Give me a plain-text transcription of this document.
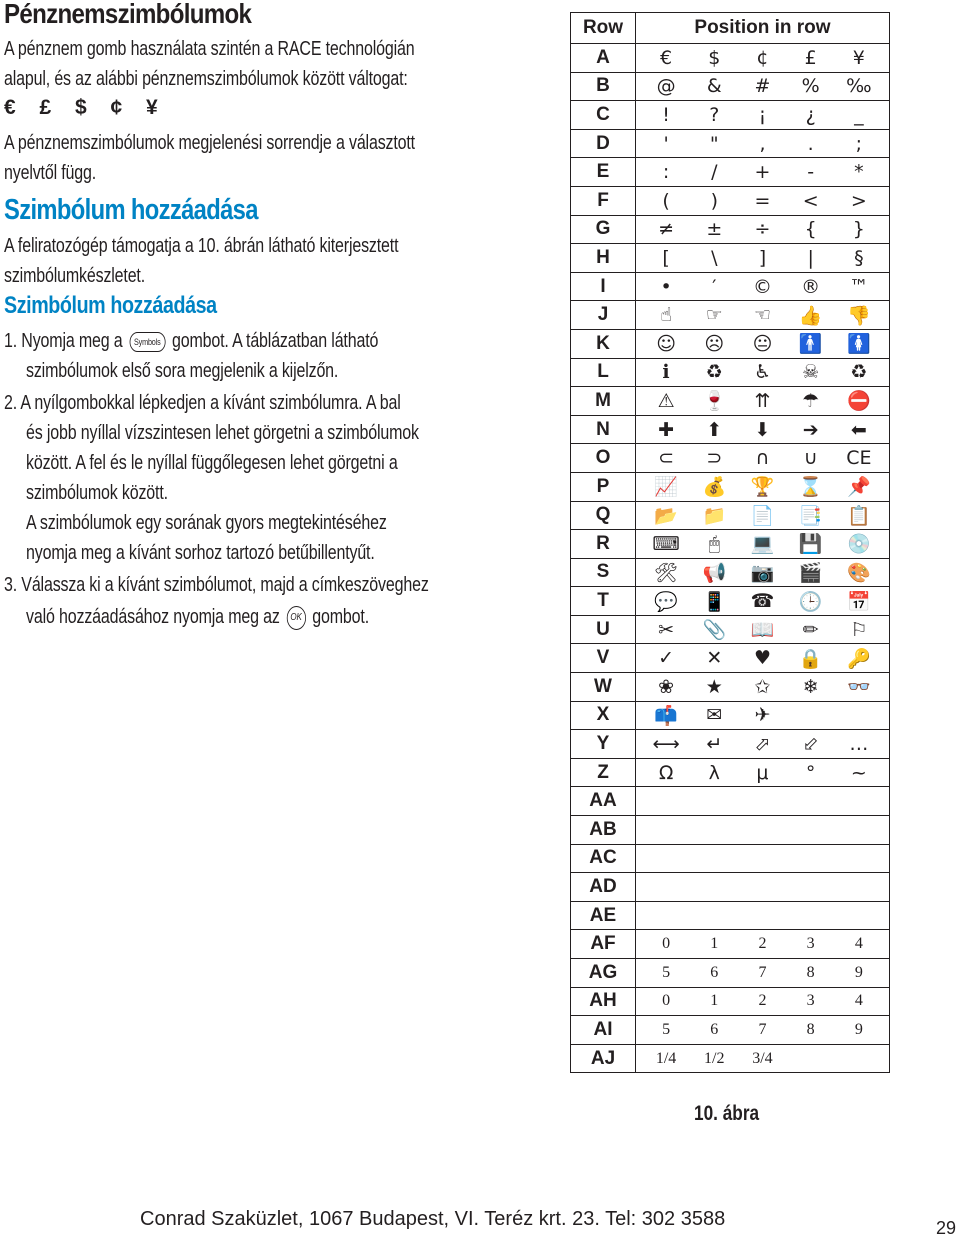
Pénznemszimbólumok
A pénznem gomb használata szintén a RACE technológián
alapul, és az alábbi pénznemszimbólumok között váltogat:
€ £ $ ¢ ¥
A pénznemszimbólumok megjelenési sorrendje a választott
nyelvtől függ.
Szimbólum hozzáadása
A feliratozógép támogatja a 10. ábrán látható kiterjesztett
szimbólumkészletet.
Szimbólum hozzáadása
1. Nyomja meg a Symbols gombot. A táblázatban látható
szimbólumok első sora megjelenik a kijelzőn.
2. A nyílgombokkal lépkedjen a kívánt szimbólumra. A bal
és jobb nyíllal vízszintesen lehet görgetni a szimbólumok
között. A fel és le nyíllal függőlegesen lehet görgetni a
szimbólumok között.
A szimbólumok egy sorának gyors megtekintéséhez
nyomja meg a kívánt sorhoz tartozó betűbillentyűt.
3. Válassza ki a kívánt szimbólumot, majd a címkeszöveghez
való hozzáadásához nyomja meg az OK gombot.
Row	Position in row
A	€ $ ¢ £ ¥

B	@ & # % ‰

C	! ? ¡ ¿ _

D	' " , . ;

E	: / + - *

F	( ) = < >

G	≠ ± ÷ { }

H	[ \ ] | §

I	• ′ © ® ™

J	☝ ☞ ☜ 👍 👎

K	☺ ☹ 😐 🚹 🚺

L	ℹ ♻ ♿ ☠ ♻

M	⚠ 🍷 ⇈ ☂ ⛔

N	✚ ⬆ ⬇ ➔ ⬅

O	⊂ ⊃ ∩ ∪ CE

P	📈 💰 🏆 ⌛ 📌

Q	📂 📁 📄 📑 📋

R	⌨ 🖱 💻 💾 💿

S	🛠 📢 📷 🎬 🎨

T	💬 📱 ☎ 🕒 📅

U	✂ 📎 📖 ✏ ⚐

V	✓ ✕ ♥ 🔒 🔑

W	❀ ★ ✩ ❄ 👓

X	📫 ✉ ✈

Y	⟷ ↵ ⬀ ⬃ …

Z	Ω λ μ ° ~

AA	

AB	

AC	

AD	

AE	

AF	0 1 2 3 4

AG	5 6 7 8 9

AH	0 1 2 3 4

AI	5 6 7 8 9

AJ	1/4 1/2 3/4
10. ábra
Conrad Szaküzlet, 1067 Budapest, VI. Teréz krt. 23. Tel: 302 3588	29
